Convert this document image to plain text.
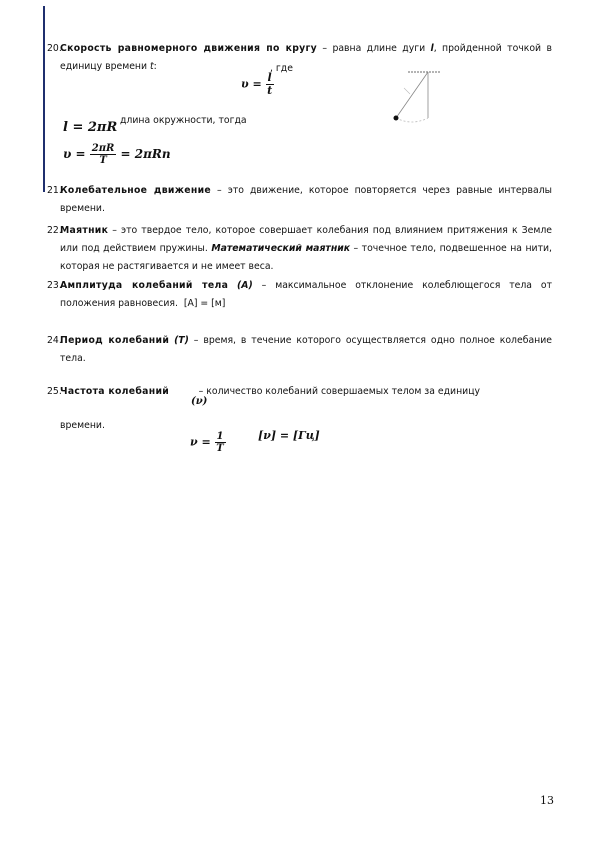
20.
Скорость равномерного движения по кругу – равна длине дуги l, пройденной точкой в единицу времени t:
$\upsilon = \frac{l}{t}$
, где
l = 2πR длина окружности, тогда
$\upsilon = \frac{2\pi R}{T} = 2\pi Rn$
21.
Колебательное движение – это движение, которое повторяется через равные интервалы времени.
22.
Маятник – это твердое тело, которое совершает колебания под влиянием притяжения к Земле или под действием пружины. Математический маятник – точечное тело, подвешенное на нити, которая не растягивается и не имеет веса.
23.
Амплитуда колебаний тела (A) – максимальное отклонение колеблющегося тела от положения равновесия. [A] = [м]
24.
Период колебаний (T) – время, в течение которого осуществляется одно полное колебание тела.
25.
Частота колебаний	– количество колебаний совершаемых телом за единицу
(ν)
времени.
$\nu = \frac{1}{T}$	[ν] = [Гц]
13
